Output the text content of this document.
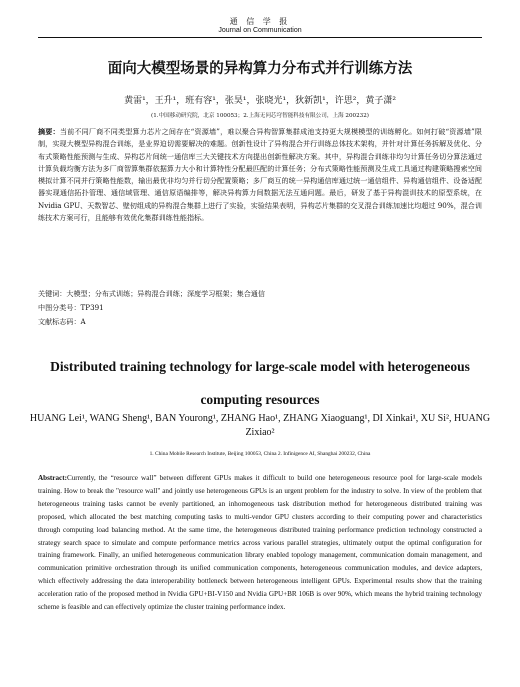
通 信 学 报
Journal on Communication
面向大模型场景的异构算力分布式并行训练方法
黄雷¹，王升¹，班有容¹，张昊¹，张晓光¹，狄新凯¹，许思²，黄子潇²
(1.中国移动研究院，北京 100053；2.上海无问芯穹智能科技有限公司，上海 200232)
摘要：当前不同厂商不同类型算力芯片之间存在“资源墙”，难以聚合异构智算集群成池支持更大规模模型的训练孵化。如何打破“资源墙”限制，实现大模型异构混合训练，是业界迫切需要解决的难题。创新性设计了异构混合并行训练总体技术架构，并针对计算任务拆解及优化、分布式策略性能预测与生成、异构芯片间统一通信库三大关键技术方向提出创新性解决方案。其中，异构混合训练非均匀计算任务切分算法通过计算负载均衡方法为多厂商智算集群依据算力大小和计算特性分配最匹配的计算任务；分布式策略性能预测及生成工具通过构建策略搜索空间模拟计算不同并行策略性能数，输出最优非均匀并行切分配置策略；多厂商互的统一异构通信库通过统一通信组件、异构通信组件、设备适配器实现通信拓扑管理、通信域管理、通信原语编排等，解决异构算力间数据无法互通问题。最后，研发了基于异构混训技术的原型系统，在 Nvidia GPU、天数智芯、壁仞组成的异构混合集群上进行了实验，实验结果表明，异构芯片集群的交叉混合训练加速比均超过 90%，混合训练技术方案可行，且能够有效优化集群训练性能指标。
关键词：大模型；分布式训练；异构混合训练；深度学习框架；集合通信
中图分类号：TP391
文献标志码：A
Distributed training technology for large-scale model with heterogeneous
computing resources
HUANG Lei¹, WANG Sheng¹, BAN Yourong¹, ZHANG Hao¹, ZHANG Xiaoguang¹, DI Xinkai¹, XU Si², HUANG Zixiao²
1. China Mobile Research Institute, Beijing 100053, China 2. Infinigence AI, Shanghai 200232, China
Abstract:Currently, the “resource wall” between different GPUs makes it difficult to build one heterogeneous resource pool for large-scale models training. How to break the "resource wall" and jointly use heterogeneous GPUs is an urgent problem for the industry to solve. In view of the problem that heterogeneous training tasks cannot be evenly partitioned, an inhomogeneous task distribution method for heterogeneous distributed training was proposed, which allocated the best matching computing tasks to multi-vendor GPU clusters according to their computing power and characteristics through computing load balancing method. At the same time, the heterogeneous distributed training performance prediction technology constructed a strategy search space to simulate and compute performance metrics across various parallel strategies, ultimately output the optimal configuration for training framework. Finally, an unified heterogeneous communication library enabled topology management, communication domain management, and communication primitive orchestration through its unified communication components, heterogeneous communication modules, and device adapters, which effectively addressing the data interoperability bottleneck between heterogeneous intelligent GPUs. Experimental results show that the training acceleration ratio of the proposed method in Nvidia GPU+BI-V150 and Nvidia GPU+BR 106B is over 90%, which means the hybrid training technology scheme is feasible and can effectively optimize the cluster training performance index.
